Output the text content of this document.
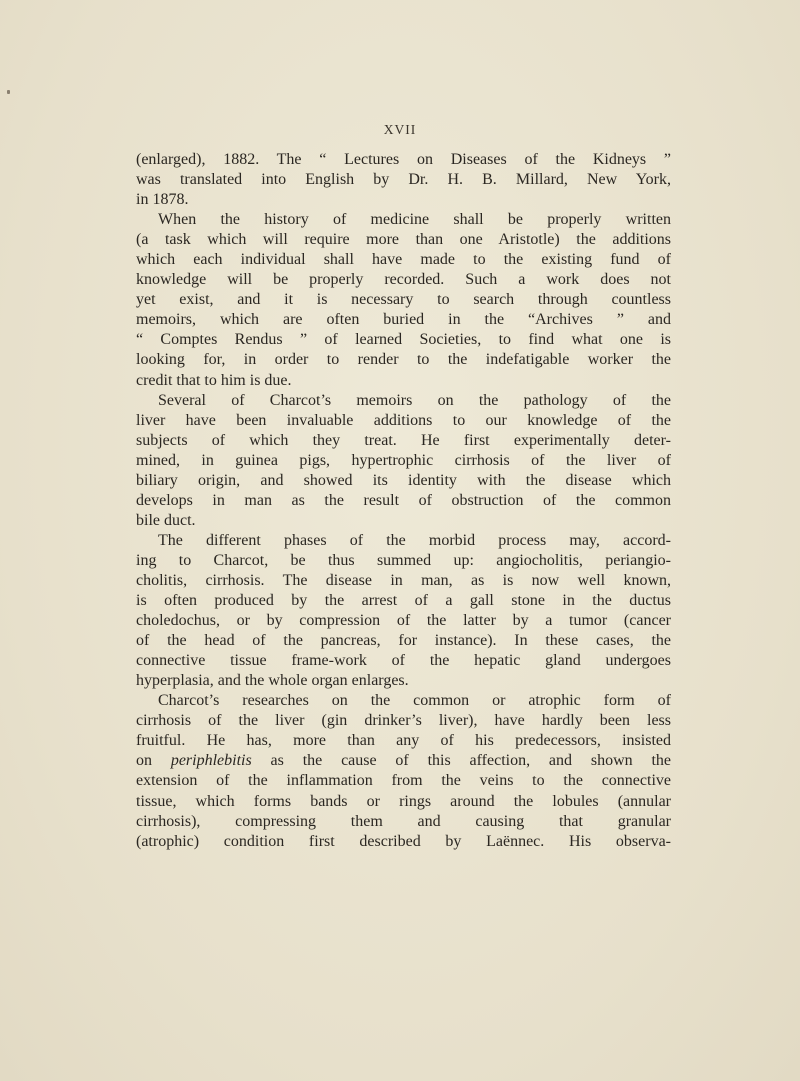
XVII
(enlarged), 1882. The “ Lectures on Diseases of the Kidneys ”
was translated into English by Dr. H. B. Millard, New York,
in 1878.
When the history of medicine shall be properly written
(a task which will require more than one Aristotle) the additions
which each individual shall have made to the existing fund of
knowledge will be properly recorded. Such a work does not
yet exist, and it is necessary to search through countless
memoirs, which are often buried in the “Archives ” and
“ Comptes Rendus ” of learned Societies, to find what one is
looking for, in order to render to the indefatigable worker the
credit that to him is due.
Several of Charcot’s memoirs on the pathology of the
liver have been invaluable additions to our knowledge of the
subjects of which they treat. He first experimentally deter-
mined, in guinea pigs, hypertrophic cirrhosis of the liver of
biliary origin, and showed its identity with the disease which
develops in man as the result of obstruction of the common
bile duct.
The different phases of the morbid process may, accord-
ing to Charcot, be thus summed up: angiocholitis, periangio-
cholitis, cirrhosis. The disease in man, as is now well known,
is often produced by the arrest of a gall stone in the ductus
choledochus, or by compression of the latter by a tumor (cancer
of the head of the pancreas, for instance). In these cases, the
connective tissue frame-work of the hepatic gland undergoes
hyperplasia, and the whole organ enlarges.
Charcot’s researches on the common or atrophic form of
cirrhosis of the liver (gin drinker’s liver), have hardly been less
fruitful. He has, more than any of his predecessors, insisted
on periphlebitis as the cause of this affection, and shown the
extension of the inflammation from the veins to the connective
tissue, which forms bands or rings around the lobules (annular
cirrhosis), compressing them and causing that granular
(atrophic) condition first described by Laënnec. His observa-
